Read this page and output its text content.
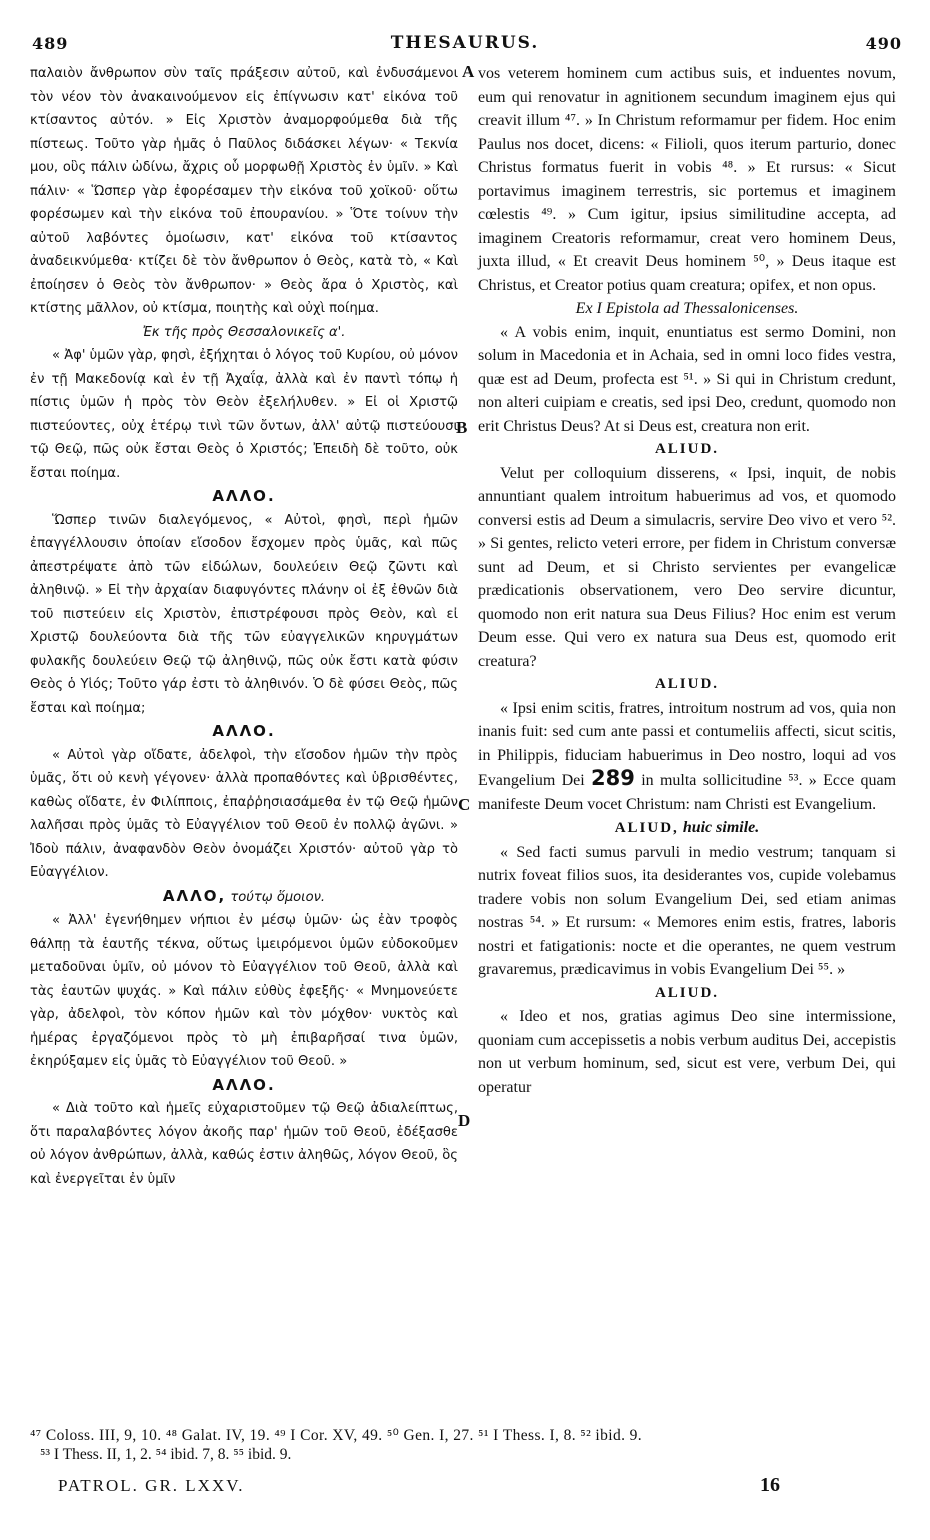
489	THESAURUS.	490
A
B
C
D

παλαιὸν ἄνθρωπον σὺν ταῖς πράξεσιν αὐτοῦ, καὶ ἐνδυσάμενοι τὸν νέον τὸν ἀνακαινούμενον εἰς ἐπίγνωσιν κατ' εἰκόνα τοῦ κτίσαντος αὐτόν. » Εἰς Χριστὸν ἀναμορφούμεθα διὰ τῆς πίστεως. Τοῦτο γὰρ ἡμᾶς ὁ Παῦλος διδάσκει λέγων· « Τεκνία μου, οὓς πάλιν ὠδίνω, ἄχρις οὗ μορφωθῇ Χριστὸς ἐν ὑμῖν. » Καὶ πάλιν· « Ὥσπερ γὰρ ἐφορέσαμεν τὴν εἰκόνα τοῦ χοϊκοῦ· οὕτω φορέσωμεν καὶ τὴν εἰκόνα τοῦ ἐπουρανίου. » Ὅτε τοίνυν τὴν αὐτοῦ λαβόντες ὁμοίωσιν, κατ' εἰκόνα τοῦ κτίσαντος ἀναδεικνύμεθα· κτίζει δὲ τὸν ἄνθρωπον ὁ Θεὸς, κατὰ τὸ, « Καὶ ἐποίησεν ὁ Θεὸς τὸν ἄνθρωπον· » Θεὸς ἄρα ὁ Χριστὸς, καὶ κτίστης μᾶλλον, οὐ κτίσμα, ποιητὴς καὶ οὐχὶ ποίημα.

Ἐκ τῆς πρὸς Θεσσαλονικεῖς α'.

« Ἀφ' ὑμῶν γὰρ, φησὶ, ἐξήχηται ὁ λόγος τοῦ Κυρίου, οὐ μόνον ἐν τῇ Μακεδονίᾳ καὶ ἐν τῇ Ἀχαΐᾳ, ἀλλὰ καὶ ἐν παντὶ τόπῳ ἡ πίστις ὑμῶν ἡ πρὸς τὸν Θεὸν ἐξελήλυθεν. » Εἰ οἱ Χριστῷ πιστεύοντες, οὐχ ἑτέρῳ τινὶ τῶν ὄντων, ἀλλ' αὐτῷ πιστεύουσι τῷ Θεῷ, πῶς οὐκ ἔσται Θεὸς ὁ Χριστός; Ἐπειδὴ δὲ τοῦτο, οὐκ ἔσται ποίημα.

ΑΛΛΟ.

Ὥσπερ τινῶν διαλεγόμενος, « Αὐτοὶ, φησὶ, περὶ ἡμῶν ἐπαγγέλλουσιν ὁποίαν εἴσοδον ἔσχομεν πρὸς ὑμᾶς, καὶ πῶς ἀπεστρέψατε ἀπὸ τῶν εἰδώλων, δουλεύειν Θεῷ ζῶντι καὶ ἀληθινῷ. » Εἰ τὴν ἀρχαίαν διαφυγόντες πλάνην οἱ ἐξ ἐθνῶν διὰ τοῦ πιστεύειν εἰς Χριστὸν, ἐπιστρέφουσι πρὸς Θεὸν, καὶ εἰ Χριστῷ δουλεύοντα διὰ τῆς τῶν εὐαγγελικῶν κηρυγμάτων φυλακῆς δουλεύειν Θεῷ τῷ ἀληθινῷ, πῶς οὐκ ἔστι κατὰ φύσιν Θεὸς ὁ Υἱός; Τοῦτο γάρ ἐστι τὸ ἀληθινόν. Ὁ δὲ φύσει Θεὸς, πῶς ἔσται καὶ ποίημα;

ΑΛΛΟ.

« Αὐτοὶ γὰρ οἴδατε, ἀδελφοὶ, τὴν εἴσοδον ἡμῶν τὴν πρὸς ὑμᾶς, ὅτι οὐ κενὴ γέγονεν· ἀλλὰ προπαθόντες καὶ ὑβρισθέντες, καθὼς οἴδατε, ἐν Φιλίπποις, ἐπαῤῥησιασάμεθα ἐν τῷ Θεῷ ἡμῶν λαλῆσαι πρὸς ὑμᾶς τὸ Εὐαγγέλιον τοῦ Θεοῦ ἐν πολλῷ ἀγῶνι. » Ἰδοὺ πάλιν, ἀναφανδὸν Θεὸν ὀνομάζει Χριστόν· αὐτοῦ γὰρ τὸ Εὐαγγέλιον.

ΑΛΛΟ, τούτῳ ὅμοιον.

« Ἀλλ' ἐγενήθημεν νήπιοι ἐν μέσῳ ὑμῶν· ὡς ἐὰν τροφὸς θάλπῃ τὰ ἑαυτῆς τέκνα, οὕτως ἱμειρόμενοι ὑμῶν εὐδοκοῦμεν μεταδοῦναι ὑμῖν, οὐ μόνον τὸ Εὐαγγέλιον τοῦ Θεοῦ, ἀλλὰ καὶ τὰς ἑαυτῶν ψυχάς. » Καὶ πάλιν εὐθὺς ἐφεξῆς· « Μνημονεύετε γὰρ, ἀδελφοὶ, τὸν κόπον ἡμῶν καὶ τὸν μόχθον· νυκτὸς καὶ ἡμέρας ἐργαζόμενοι πρὸς τὸ μὴ ἐπιβαρῆσαί τινα ὑμῶν, ἐκηρύξαμεν εἰς ὑμᾶς τὸ Εὐαγγέλιον τοῦ Θεοῦ. »

ΑΛΛΟ.

« Διὰ τοῦτο καὶ ἡμεῖς εὐχαριστοῦμεν τῷ Θεῷ ἀδιαλείπτως, ὅτι παραλαβόντες λόγον ἀκοῆς παρ' ἡμῶν τοῦ Θεοῦ, ἐδέξασθε οὐ λόγον ἀνθρώπων, ἀλλὰ, καθώς ἐστιν ἀληθῶς, λόγον Θεοῦ, ὃς καὶ ἐνεργεῖται ἐν ὑμῖν

vos veterem hominem cum actibus suis, et induentes novum, eum qui renovatur in agnitionem secundum imaginem ejus qui creavit illum ⁴⁷. » In Christum reformamur per fidem. Hoc enim Paulus nos docet, dicens: « Filioli, quos iterum parturio, donec Christus formatus fuerit in vobis ⁴⁸. » Et rursus: « Sicut portavimus imaginem terrestris, sic portemus et imaginem cœlestis ⁴⁹. » Cum igitur, ipsius similitudine accepta, ad imaginem Creatoris reformamur, creat vero hominem Deus, juxta illud, « Et creavit Deus hominem ⁵⁰, » Deus itaque est Christus, et Creator potius quam creatura; opifex, et non opus.

Ex I Epistola ad Thessalonicenses.

« A vobis enim, inquit, enuntiatus est sermo Domini, non solum in Macedonia et in Achaia, sed in omni loco fides vestra, quæ est ad Deum, profecta est ⁵¹. » Si qui in Christum credunt, non alteri cuipiam e creatis, sed ipsi Deo, credunt, quomodo non erit Christus Deus? At si Deus est, creatura non erit.

ALIUD.

Velut per colloquium disserens, « Ipsi, inquit, de nobis annuntiant qualem introitum habuerimus ad vos, et quomodo conversi estis ad Deum a simulacris, servire Deo vivo et vero ⁵². » Si gentes, relicto veteri errore, per fidem in Christum conversæ sunt ad Deum, et si Christo servientes per evangelicæ prædicationis observationem, vero Deo servire dicuntur, quomodo non erit natura sua Deus Filius? Hoc enim est verum Deum esse. Qui vero ex natura sua Deus est, quomodo erit creatura?

ALIUD.

« Ipsi enim scitis, fratres, introitum nostrum ad vos, quia non inanis fuit: sed cum ante passi et contumeliis affecti, sicut scitis, in Philippis, fiduciam habuerimus in Deo nostro, loqui ad vos Evangelium Dei 289 in multa sollicitudine ⁵³. » Ecce quam manifeste Deum vocet Christum: nam Christi est Evangelium.

ALIUD, huic simile.

« Sed facti sumus parvuli in medio vestrum; tanquam si nutrix foveat filios suos, ita desiderantes vos, cupide volebamus tradere vobis non solum Evangelium Dei, sed etiam animas nostras ⁵⁴. » Et rursum: « Memores enim estis, fratres, laboris nostri et fatigationis: nocte et die operantes, ne quem vestrum gravaremus, prædicavimus in vobis Evangelium Dei ⁵⁵. »

ALIUD.

« Ideo et nos, gratias agimus Deo sine intermissione, quoniam cum accepissetis a nobis verbum auditus Dei, accepistis non ut verbum hominum, sed, sicut est vere, verbum Dei, qui operatur

⁴⁷ Coloss. III, 9, 10. ⁴⁸ Galat. IV, 19. ⁴⁹ I Cor. XV, 49. ⁵⁰ Gen. I, 27. ⁵¹ I Thess. I, 8. ⁵² ibid. 9.
⁵³ I Thess. II, 1, 2. ⁵⁴ ibid. 7, 8. ⁵⁵ ibid. 9.
PATROL. GR. LXXV.	16
